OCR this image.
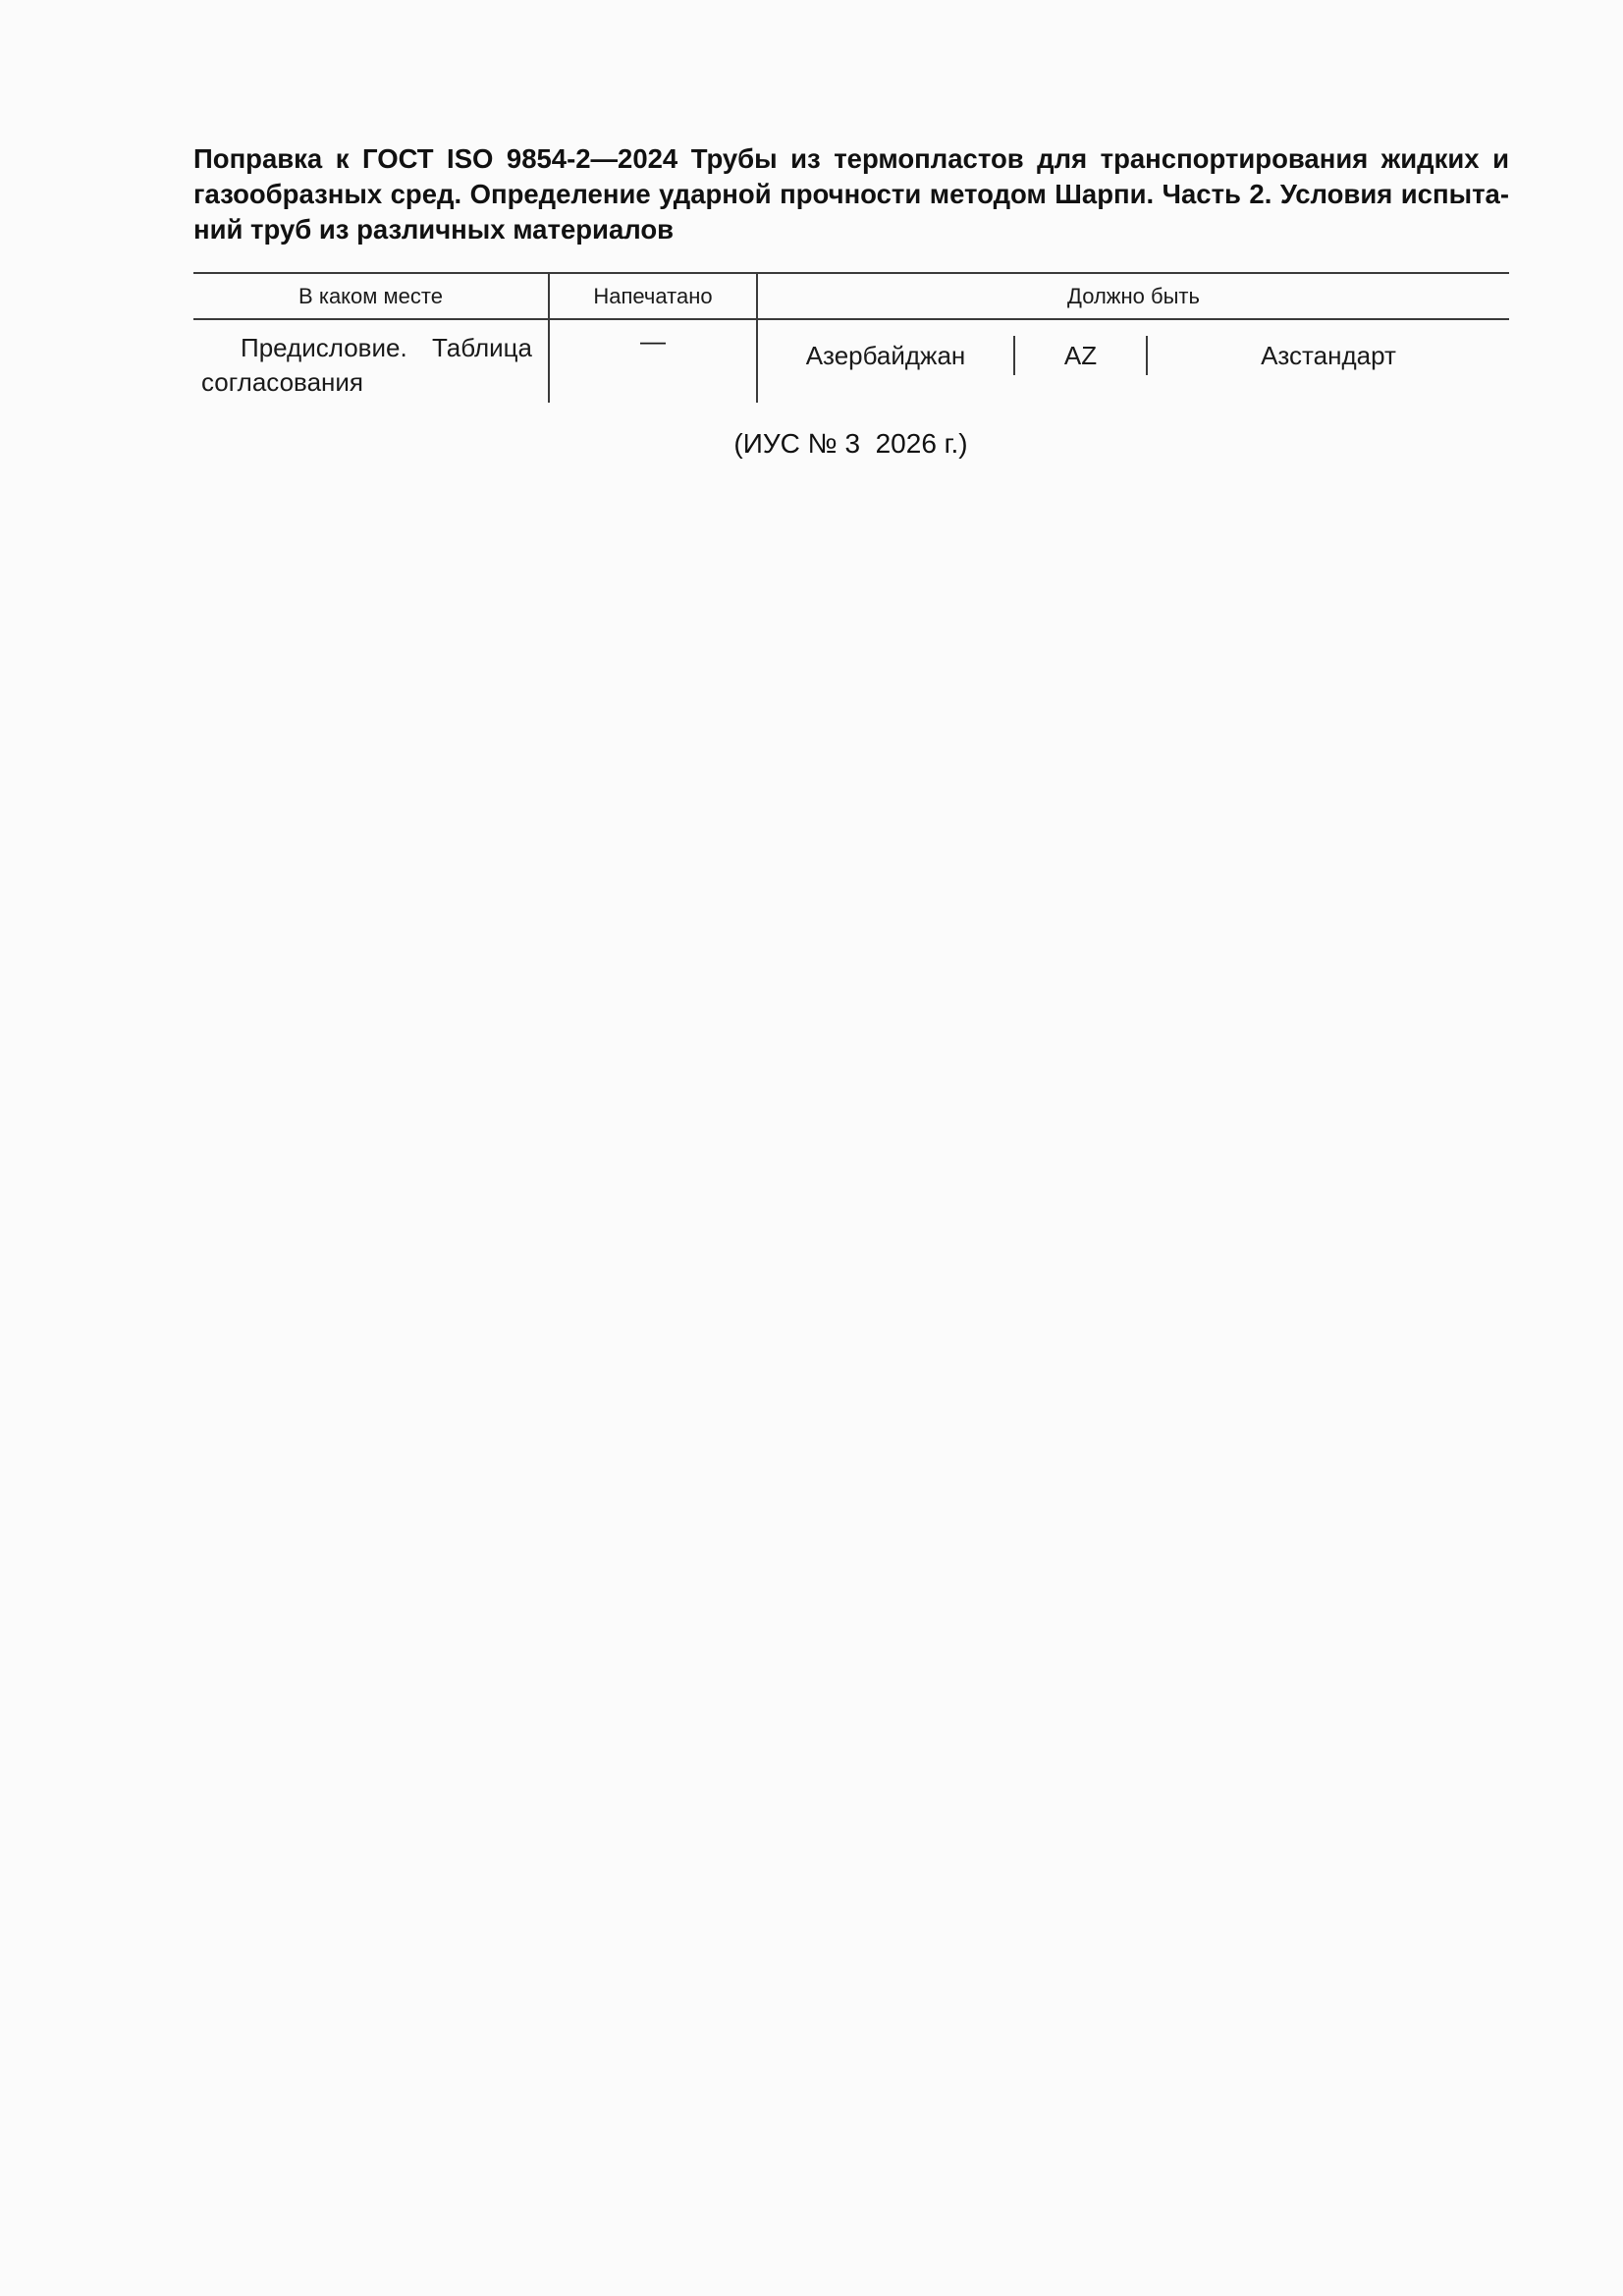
Поправка к ГОСТ ISO 9854-2—2024 Трубы из термопластов для транспортирования жидких и газообразных сред. Определение ударной прочности методом Шарпи. Часть 2. Условия испыта-ний труб из различных материалов
В каком месте	Напечатано	Должно быть

Предисловие. Таблица согласования	—	Азербайджан AZ Азстандарт

(ИУС № 3  2026 г.)
